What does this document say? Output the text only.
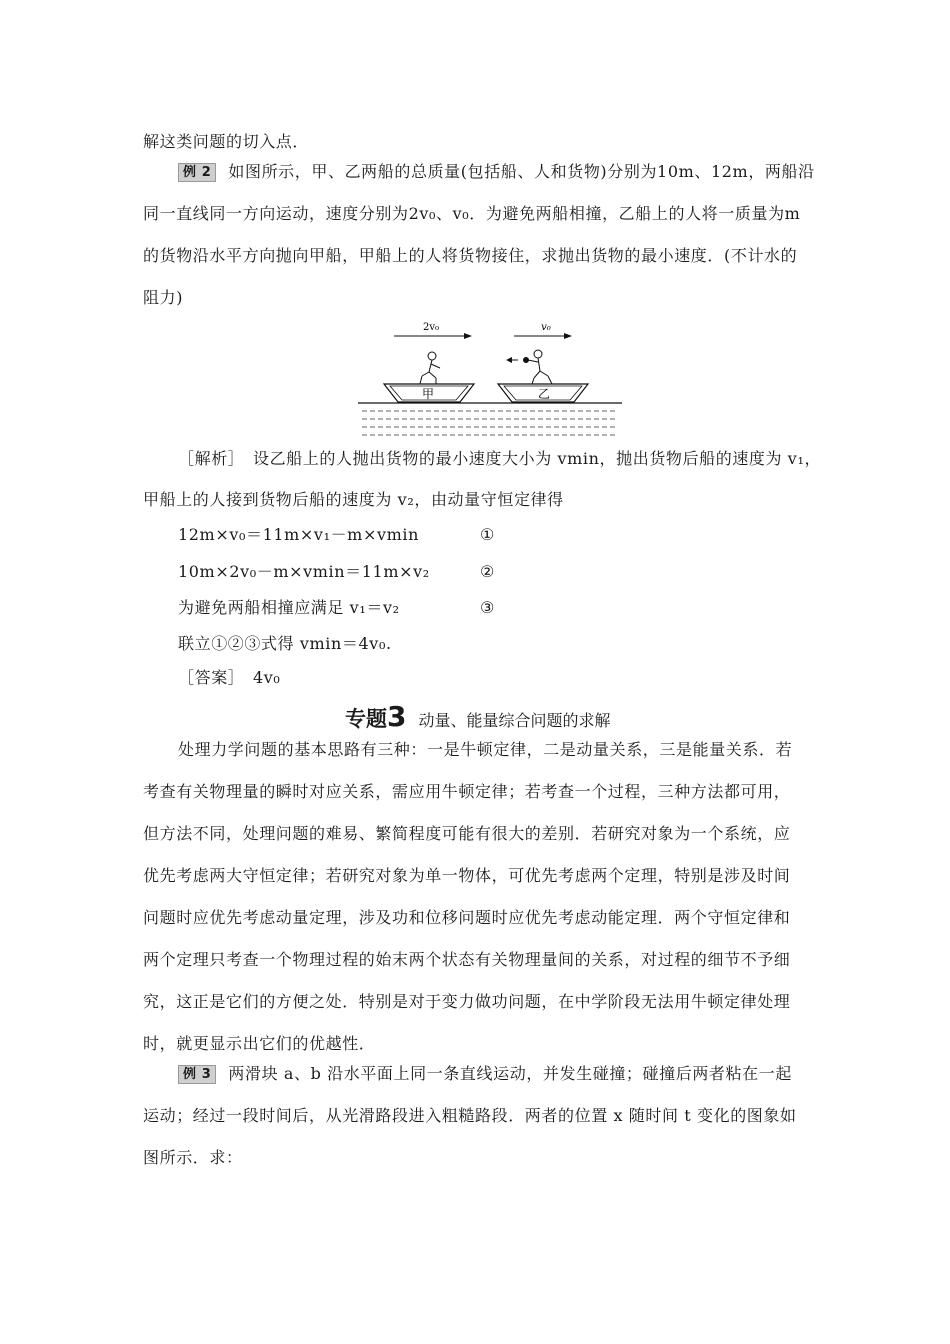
解这类问题的切入点．
例 2 如图所示，甲、乙两船的总质量(包括船、人和货物)分别为10m、12m，两船沿
同一直线同一方向运动，速度分别为2v₀、v₀．为避免两船相撞，乙船上的人将一质量为m
的货物沿水平方向抛向甲船，甲船上的人将货物接住，求抛出货物的最小速度．(不计水的
阻力)
2v₀	v₀
甲	乙
［解析］　设乙船上的人抛出货物的最小速度大小为 vmin，抛出货物后船的速度为 v₁，
甲船上的人接到货物后船的速度为 v₂，由动量守恒定律得
12m×v₀＝11m×v₁－m×vmin	①
10m×2v₀－m×vmin＝11m×v₂	②
为避免两船相撞应满足 v₁＝v₂	③
联立①②③式得 vmin＝4v₀.
［答案］　4v₀
专题3 动量、能量综合问题的求解
处理力学问题的基本思路有三种：一是牛顿定律，二是动量关系，三是能量关系．若
考查有关物理量的瞬时对应关系，需应用牛顿定律；若考查一个过程，三种方法都可用，
但方法不同，处理问题的难易、繁简程度可能有很大的差别．若研究对象为一个系统，应
优先考虑两大守恒定律；若研究对象为单一物体，可优先考虑两个定理，特别是涉及时间
问题时应优先考虑动量定理，涉及功和位移问题时应优先考虑动能定理．两个守恒定律和
两个定理只考查一个物理过程的始末两个状态有关物理量间的关系，对过程的细节不予细
究，这正是它们的方便之处．特别是对于变力做功问题，在中学阶段无法用牛顿定律处理
时，就更显示出它们的优越性．
例 3 两滑块 a、b 沿水平面上同一条直线运动，并发生碰撞；碰撞后两者粘在一起
运动；经过一段时间后，从光滑路段进入粗糙路段．两者的位置 x 随时间 t 变化的图象如
图所示．求：
